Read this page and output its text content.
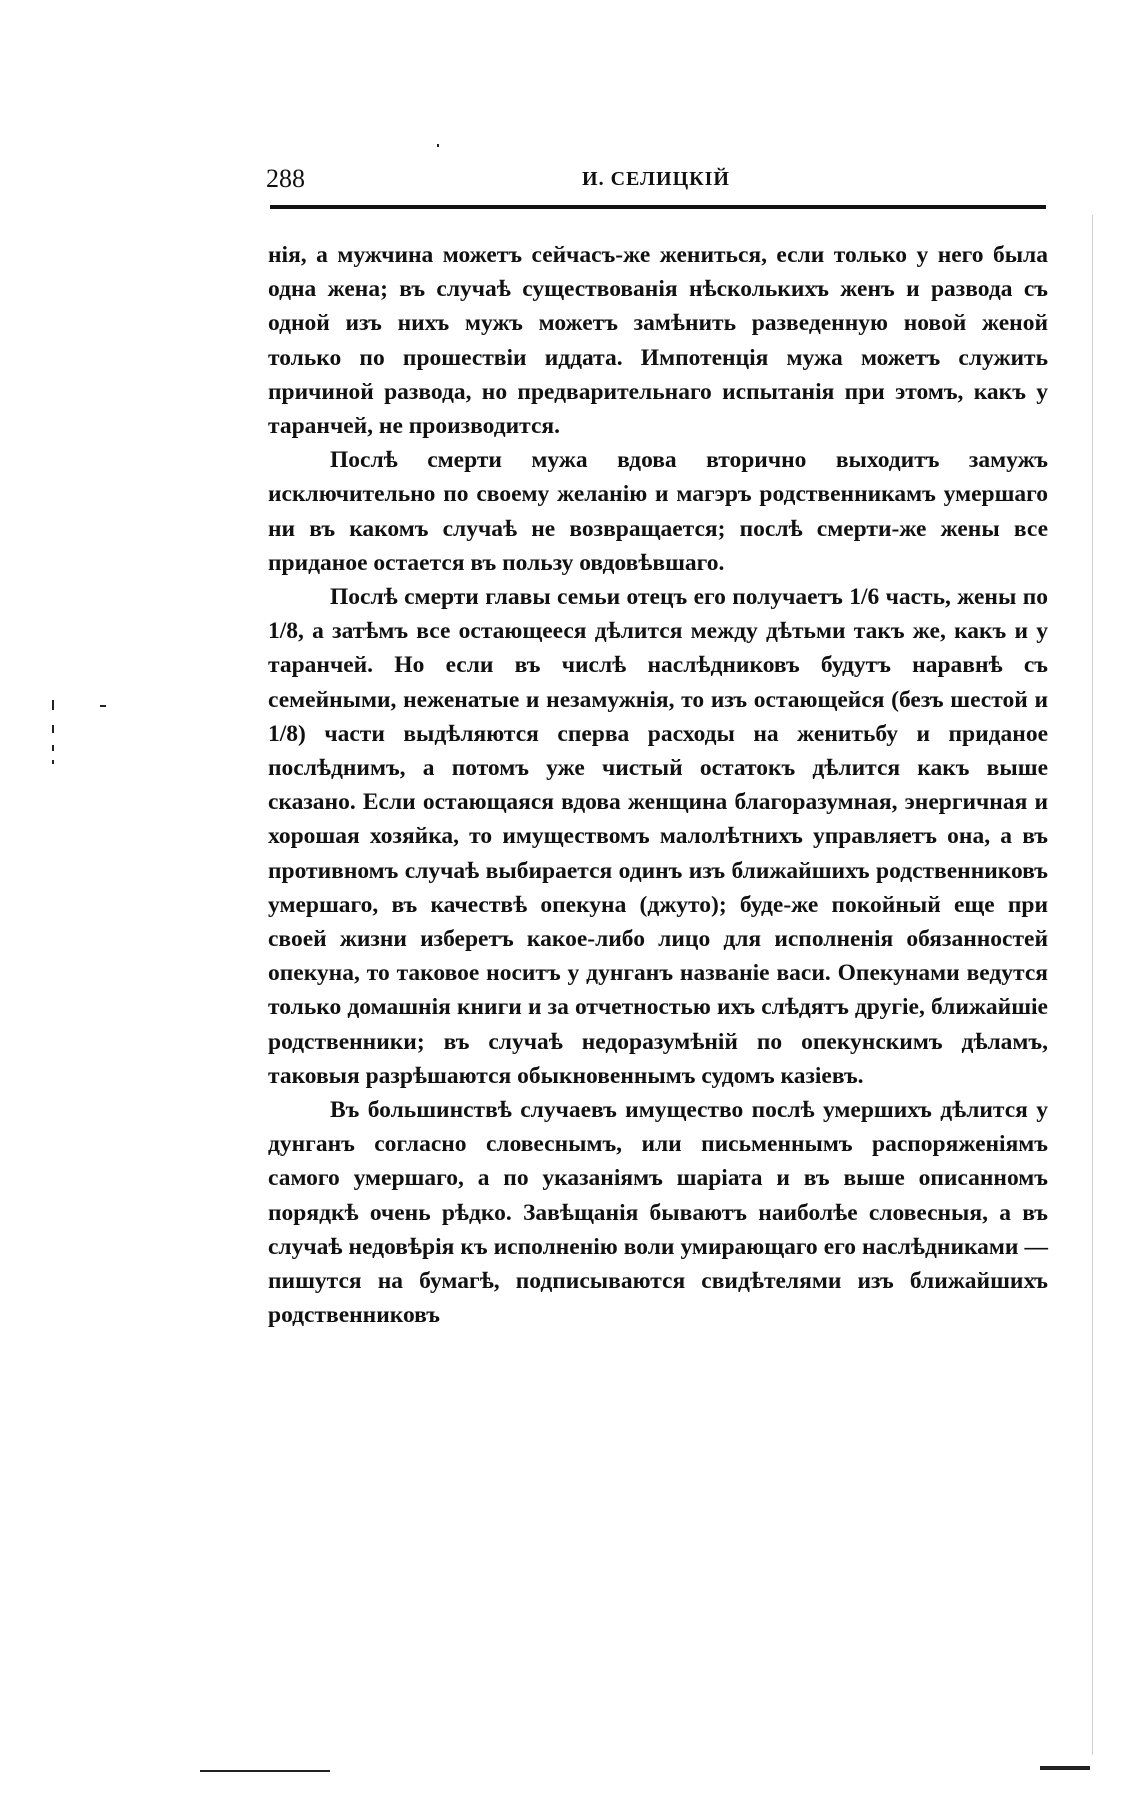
288	И. СЕЛИЦКІЙ

нія, а мужчина можетъ сейчасъ-же жениться, если только у него была одна жена; въ случаѣ существованія нѣсколькихъ женъ и развода съ одной изъ нихъ мужъ можетъ замѣнить разведенную новой женой только по прошествіи иддата. Импотенція мужа можетъ служить причиной развода, но предварительнаго испытанія при этомъ, какъ у таранчей, не производится.

Послѣ смерти мужа вдова вторично выходитъ замужъ исключительно по своему желанію и магэръ родственникамъ умершаго ни въ какомъ случаѣ не возвращается; послѣ смерти-же жены все приданое остается въ пользу овдовѣвшаго.

Послѣ смерти главы семьи отецъ его получаетъ 1/6 часть, жены по 1/8, а затѣмъ все остающееся дѣлится между дѣтьми такъ же, какъ и у таранчей. Но если въ числѣ наслѣдниковъ будутъ наравнѣ съ семейными, неженатые и незамужнія, то изъ остающейся (безъ шестой и 1/8) части выдѣляются сперва расходы на женитьбу и приданое послѣднимъ, а потомъ уже чистый остатокъ дѣлится какъ выше сказано. Если остающаяся вдова женщина благоразумная, энергичная и хорошая хозяйка, то имуществомъ малолѣтнихъ управляетъ она, а въ противномъ случаѣ выбирается одинъ изъ ближайшихъ родственниковъ умершаго, въ качествѣ опекуна (джуто); буде-же покойный еще при своей жизни изберетъ какое-либо лицо для исполненія обязанностей опекуна, то таковое носитъ у дунганъ названіе васи. Опекунами ведутся только домашнія книги и за отчетностью ихъ слѣдятъ другіе, ближайшіе родственники; въ случаѣ недоразумѣній по опекунскимъ дѣламъ, таковыя разрѣшаются обыкновеннымъ судомъ казіевъ.

Въ большинствѣ случаевъ имущество послѣ умершихъ дѣлится у дунганъ согласно словеснымъ, или письменнымъ распоряженіямъ самого умершаго, а по указаніямъ шаріата и въ выше описанномъ порядкѣ очень рѣдко. Завѣщанія бываютъ наиболѣе словесныя, а въ случаѣ недовѣрія къ исполненію воли умирающаго его наслѣдниками — пишутся на бумагѣ, подписываются свидѣтелями изъ ближайшихъ родственниковъ
